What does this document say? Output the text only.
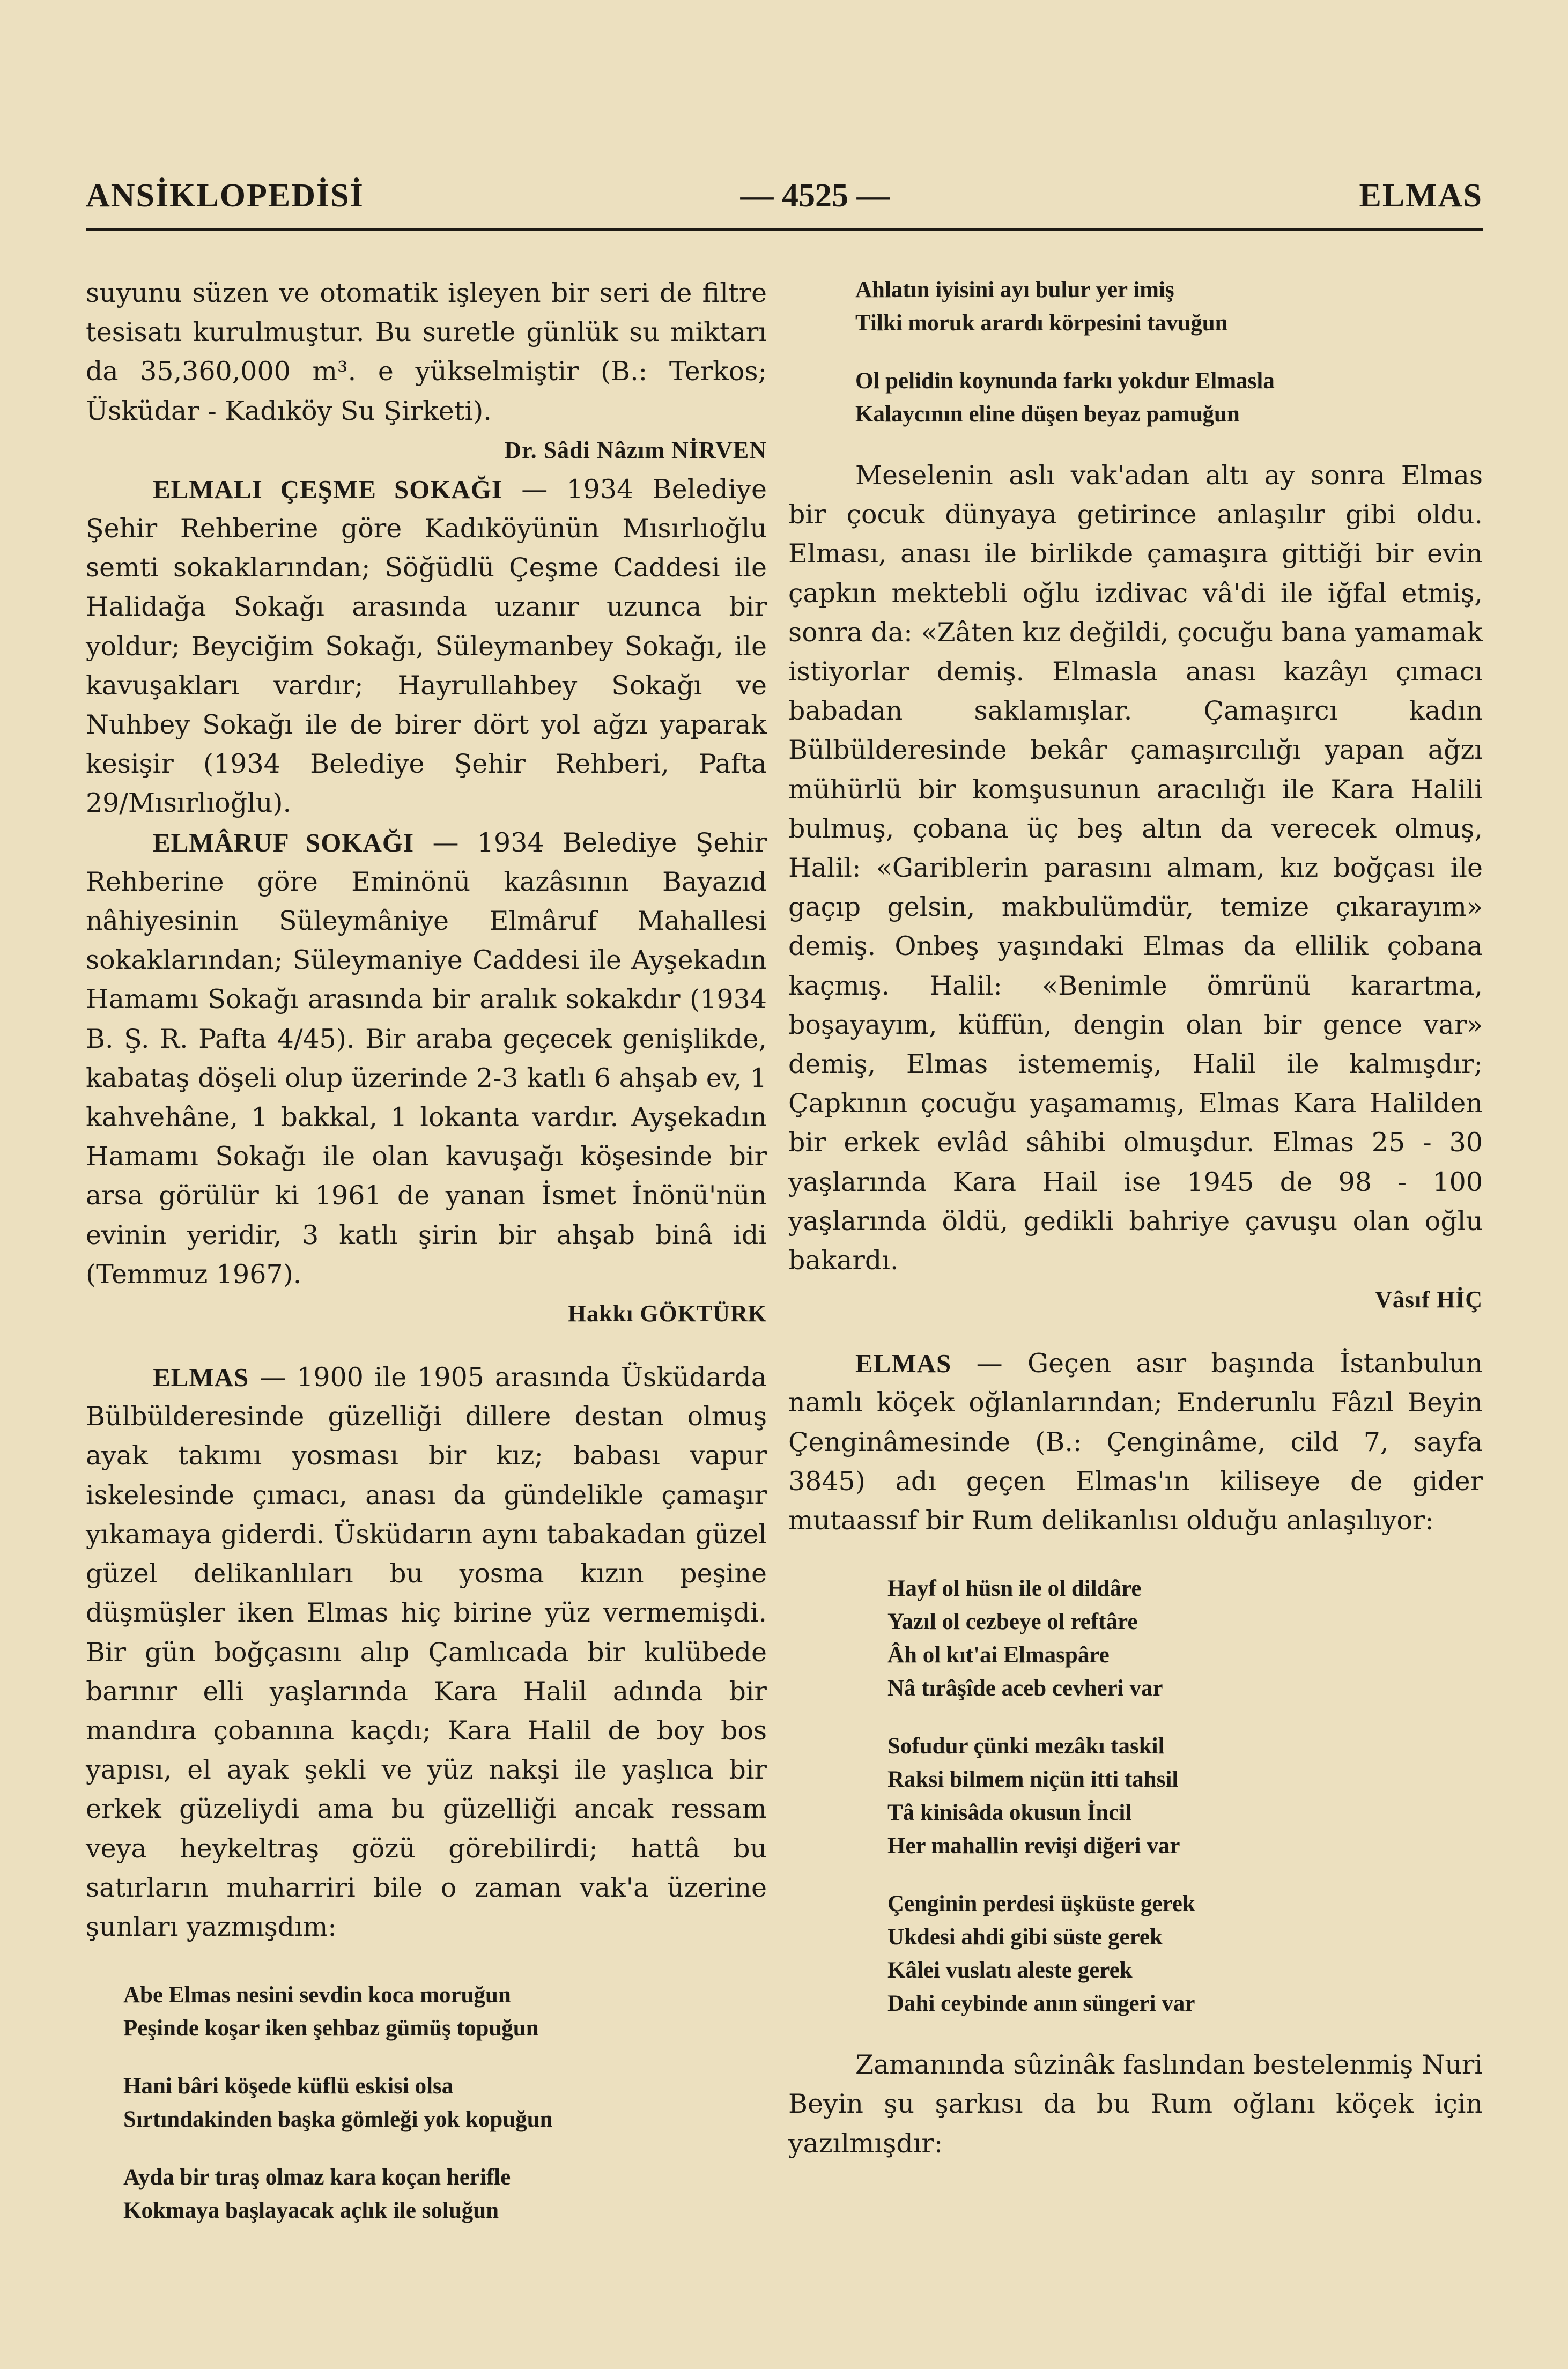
ANSİKLOPEDİSİ	— 4525 —	ELMAS

suyunu süzen ve otomatik işleyen bir seri de filtre tesisatı kurulmuştur. Bu suretle günlük su miktarı da 35,360,000 m³. e yükselmiştir (B.: Terkos; Üsküdar - Kadıköy Su Şirketi).

Dr. Sâdi Nâzım NİRVEN

ELMALI ÇEŞME SOKAĞI — 1934 Belediye Şehir Rehberine göre Kadıköyünün Mısırlıoğlu semti sokaklarından; Söğüdlü Çeşme Caddesi ile Halidağa Sokağı arasında uzanır uzunca bir yoldur; Beyciğim Sokağı, Süleymanbey Sokağı, ile kavuşakları vardır; Hayrullahbey Sokağı ve Nuhbey Sokağı ile de birer dört yol ağzı yaparak kesişir (1934 Belediye Şehir Rehberi, Pafta 29/Mısırlıoğlu).

ELMÂRUF SOKAĞI — 1934 Belediye Şehir Rehberine göre Eminönü kazâsının Bayazıd nâhiyesinin Süleymâniye Elmâruf Mahallesi sokaklarından; Süleymaniye Caddesi ile Ayşekadın Hamamı Sokağı arasında bir aralık sokakdır (1934 B. Ş. R. Pafta 4/45). Bir araba geçecek genişlikde, kabataş döşeli olup üzerinde 2-3 katlı 6 ahşab ev, 1 kahvehâne, 1 bakkal, 1 lokanta vardır. Ayşekadın Hamamı Sokağı ile olan kavuşağı köşesinde bir arsa görülür ki 1961 de yanan İsmet İnönü'nün evinin yeridir, 3 katlı şirin bir ahşab binâ idi (Temmuz 1967).

Hakkı GÖKTÜRK

ELMAS — 1900 ile 1905 arasında Üsküdarda Bülbülderesinde güzelliği dillere destan olmuş ayak takımı yosması bir kız; babası vapur iskelesinde çımacı, anası da gündelikle çamaşır yıkamaya giderdi. Üsküdarın aynı tabakadan güzel güzel delikanlıları bu yosma kızın peşine düşmüşler iken Elmas hiç birine yüz vermemişdi. Bir gün boğçasını alıp Çamlıcada bir kulübede barınır elli yaşlarında Kara Halil adında bir mandıra çobanına kaçdı; Kara Halil de boy bos yapısı, el ayak şekli ve yüz nakşi ile yaşlıca bir erkek güzeliydi ama bu güzelliği ancak ressam veya heykeltraş gözü görebilirdi; hattâ bu satırların muharriri bile o zaman vak'a üzerine şunları yazmışdım:

Abe Elmas nesini sevdin koca moruğun
Peşinde koşar iken şehbaz gümüş topuğun
Hani bâri köşede küflü eskisi olsa
Sırtındakinden başka gömleği yok kopuğun
Ayda bir tıraş olmaz kara koçan herifle
Kokmaya başlayacak açlık ile soluğun
Ahlatın iyisini ayı bulur yer imiş
Tilki moruk arardı körpesini tavuğun
Ol pelidin koynunda farkı yokdur Elmasla
Kalaycının eline düşen beyaz pamuğun

Meselenin aslı vak'adan altı ay sonra Elmas bir çocuk dünyaya getirince anlaşılır gibi oldu. Elması, anası ile birlikde çamaşıra gittiği bir evin çapkın mektebli oğlu izdivac vâ'di ile iğfal etmiş, sonra da: «Zâten kız değildi, çocuğu bana yamamak istiyorlar demiş. Elmasla anası kazâyı çımacı babadan saklamışlar. Çamaşırcı kadın Bülbülderesinde bekâr çamaşırcılığı yapan ağzı mühürlü bir komşusunun aracılığı ile Kara Halili bulmuş, çobana üç beş altın da verecek olmuş, Halil: «Gariblerin parasını almam, kız boğçası ile gaçıp gelsin, makbulümdür, temize çıkarayım» demiş. Onbeş yaşındaki Elmas da ellilik çobana kaçmış. Halil: «Benimle ömrünü karartma, boşayayım, küffün, dengin olan bir gence var» demiş, Elmas istememiş, Halil ile kalmışdır; Çapkının çocuğu yaşamamış, Elmas Kara Halilden bir erkek evlâd sâhibi olmuşdur. Elmas 25 - 30 yaşlarında Kara Hail ise 1945 de 98 - 100 yaşlarında öldü, gedikli bahriye çavuşu olan oğlu bakardı.

Vâsıf HİÇ

ELMAS — Geçen asır başında İstanbulun namlı köçek oğlanlarından; Enderunlu Fâzıl Beyin Çenginâmesinde (B.: Çenginâme, cild 7, sayfa 3845) adı geçen Elmas'ın kiliseye de gider mutaassıf bir Rum delikanlısı olduğu anlaşılıyor:

Hayf ol hüsn ile ol dildâre
Yazıl ol cezbeye ol reftâre
Âh ol kıt'ai Elmaspâre
Nâ tırâşîde aceb cevheri var
Sofudur çünki mezâkı taskil
Raksi bilmem niçün itti tahsil
Tâ kinisâda okusun İncil
Her mahallin revişi diğeri var
Çenginin perdesi üşküste gerek
Ukdesi ahdi gibi süste gerek
Kâlei vuslatı aleste gerek
Dahi ceybinde anın süngeri var

Zamanında sûzinâk faslından bestelenmiş Nuri Beyin şu şarkısı da bu Rum oğlanı köçek için yazılmışdır:
